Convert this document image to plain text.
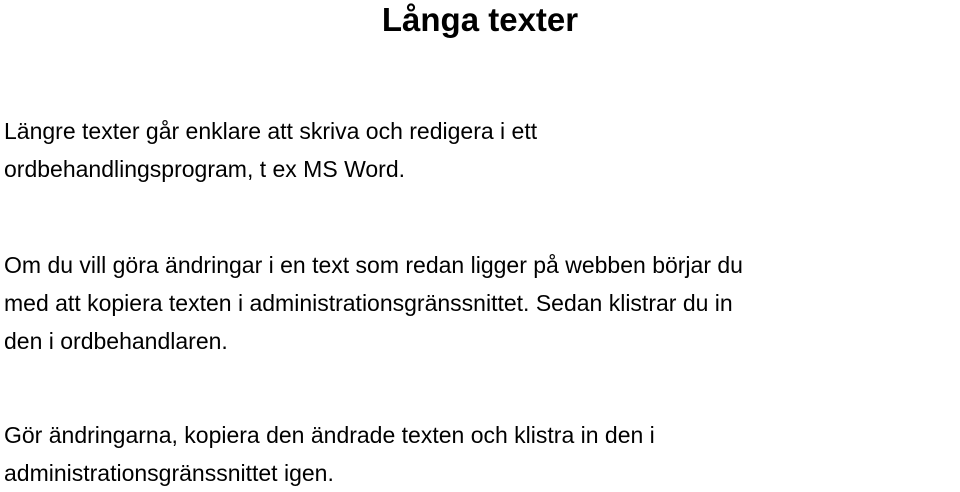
Långa texter

Längre texter går enklare att skriva och redigera i ett
ordbehandlingsprogram, t ex MS Word.

Om du vill göra ändringar i en text som redan ligger på webben börjar du
med att kopiera texten i administrationsgränssnittet. Sedan klistrar du in
den i ordbehandlaren.

Gör ändringarna, kopiera den ändrade texten och klistra in den i
administrationsgränssnittet igen.
